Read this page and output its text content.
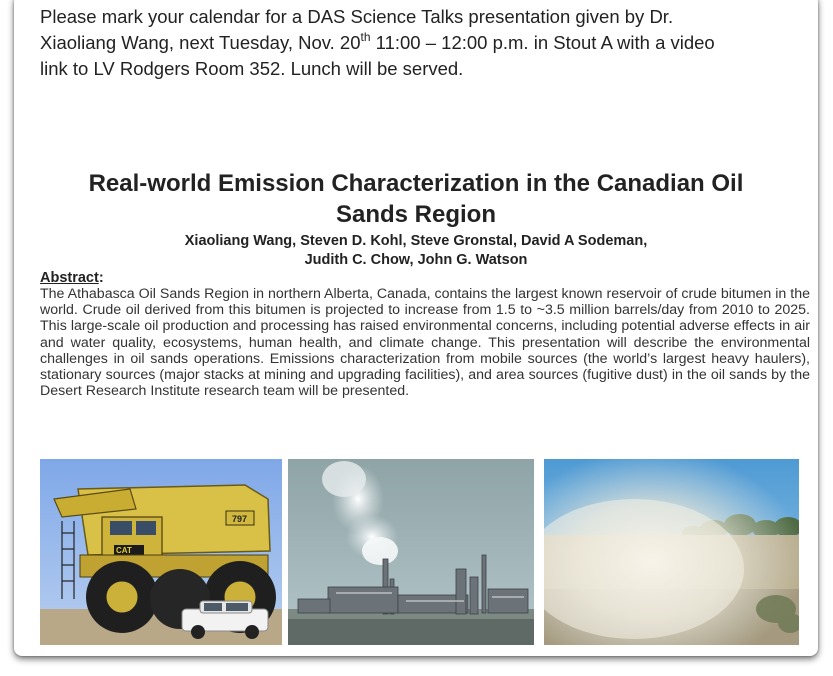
Please mark your calendar for a DAS Science Talks presentation given by Dr.
Xiaoliang Wang, next Tuesday, Nov. 20th 11:00 – 12:00 p.m. in Stout A with a video
link to LV Rodgers Room 352. Lunch will be served.
Real-world Emission Characterization in the Canadian Oil
Sands Region
Xiaoliang Wang, Steven D. Kohl, Steve Gronstal, David A Sodeman,
Judith C. Chow, John G. Watson
Abstract:
The Athabasca Oil Sands Region in northern Alberta, Canada, contains the largest known reservoir of crude bitumen in the world. Crude oil derived from this bitumen is projected to increase from 1.5 to ~3.5 million barrels/day from 2010 to 2025. This large-scale oil production and processing has raised environmental concerns, including potential adverse effects in air and water quality, ecosystems, human health, and climate change. This presentation will describe the environmental challenges in oil sands operations. Emissions characterization from mobile sources (the world’s largest heavy haulers), stationary sources (major stacks at mining and upgrading facilities), and area sources (fugitive dust) in the oil sands by the Desert Research Institute research team will be presented.
797
CAT
